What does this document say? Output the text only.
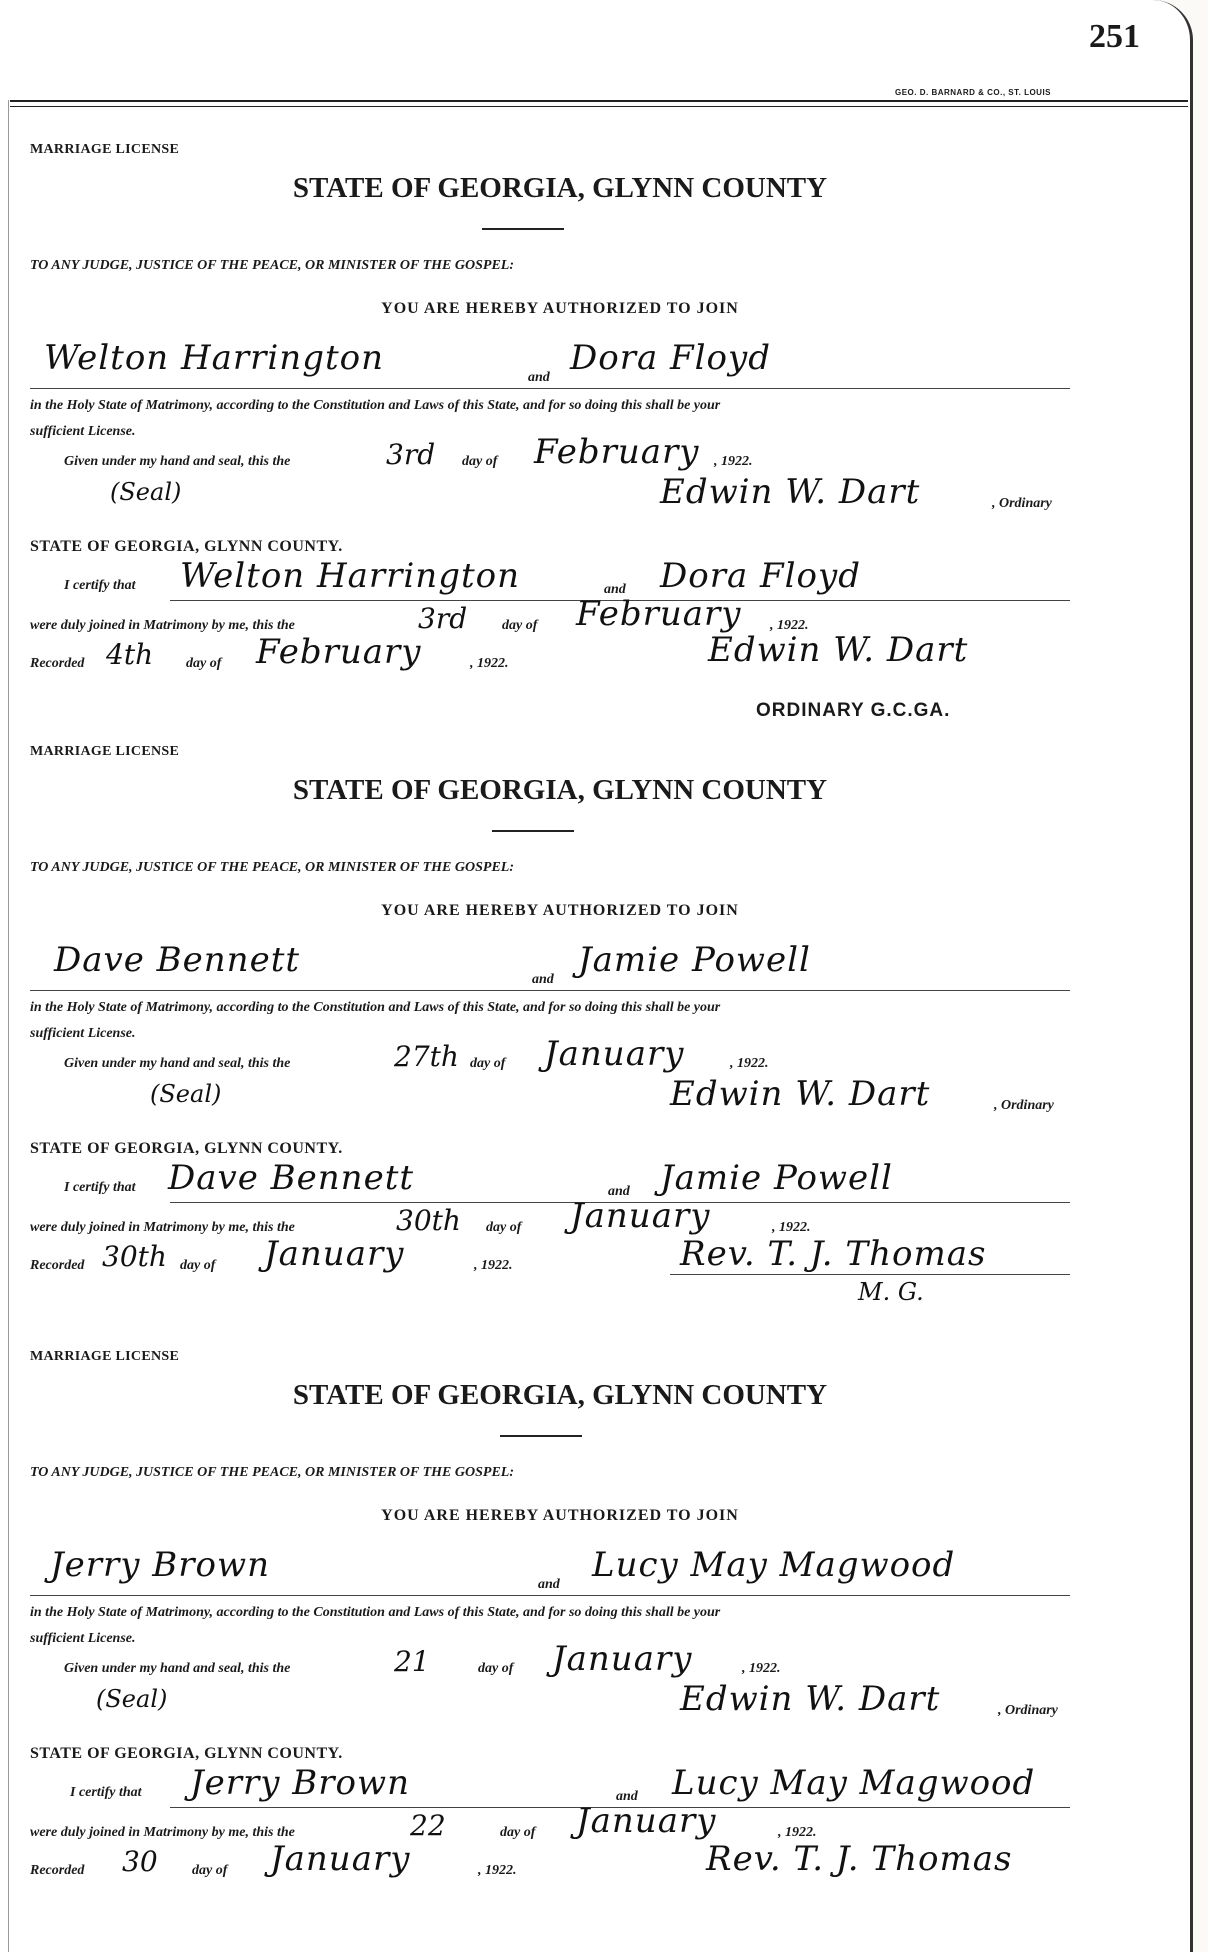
251
GEO. D. BARNARD & CO., ST. LOUIS
MARRIAGE LICENSE
STATE OF GEORGIA, GLYNN COUNTY
TO ANY JUDGE, JUSTICE OF THE PEACE, OR MINISTER OF THE GOSPEL:
YOU ARE HEREBY AUTHORIZED TO JOIN
Welton Harrington	and Dora Floyd
in the Holy State of Matrimony, according to the Constitution and Laws of this State, and for so doing this shall be your
sufficient License.
Given under my hand and seal, this the	3rd day of February , 1922.
(Seal)	Edwin W. Dart	, Ordinary
STATE OF GEORGIA, GLYNN COUNTY.
I certify that Welton Harrington	and Dora Floyd
were duly joined in Matrimony by me, this the	3rd day of February , 1922.
Recorded 4th day of February	, 1922.	Edwin W. Dart
ORDINARY G.C.GA.
MARRIAGE LICENSE
STATE OF GEORGIA, GLYNN COUNTY
TO ANY JUDGE, JUSTICE OF THE PEACE, OR MINISTER OF THE GOSPEL:
YOU ARE HEREBY AUTHORIZED TO JOIN
Dave Bennett	and Jamie Powell
in the Holy State of Matrimony, according to the Constitution and Laws of this State, and for so doing this shall be your
sufficient License.
Given under my hand and seal, this the	27th day of January	, 1922.
(Seal)	Edwin W. Dart	, Ordinary
STATE OF GEORGIA, GLYNN COUNTY.
I certify that Dave Bennett	and Jamie Powell
were duly joined in Matrimony by me, this the	30th day of January	, 1922.
Recorded 30th day of January	, 1922.	Rev. T. J. Thomas
M. G.
MARRIAGE LICENSE
STATE OF GEORGIA, GLYNN COUNTY
TO ANY JUDGE, JUSTICE OF THE PEACE, OR MINISTER OF THE GOSPEL:
YOU ARE HEREBY AUTHORIZED TO JOIN
Jerry Brown	and Lucy May Magwood
in the Holy State of Matrimony, according to the Constitution and Laws of this State, and for so doing this shall be your
sufficient License.
Given under my hand and seal, this the	21	day of January	, 1922.
(Seal)	Edwin W. Dart	, Ordinary
STATE OF GEORGIA, GLYNN COUNTY.
I certify that Jerry Brown	and Lucy May Magwood
were duly joined in Matrimony by me, this the	22	day of January	, 1922.
Recorded 30 day of January	, 1922.	Rev. T. J. Thomas
